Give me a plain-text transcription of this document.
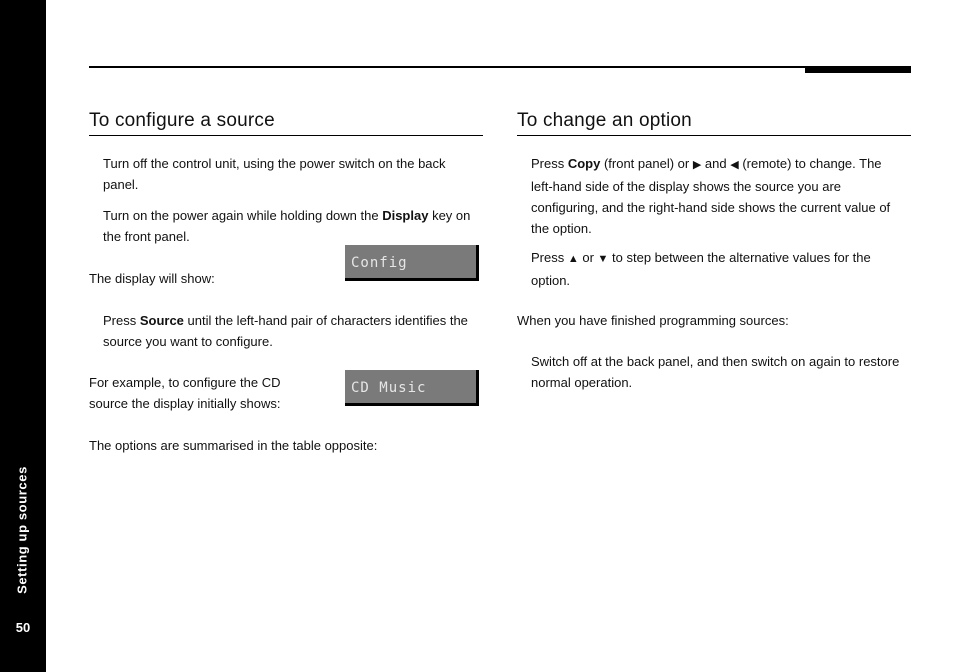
Setting up sources
50
To configure a source

Turn off the control unit, using the power switch on the back panel.

Turn on the power again while holding down the Display key on the front panel.

The display will show:

Config

Press Source until the left-hand pair of characters identifies the source you want to configure.

For example, to configure the CD source the display initially shows:

CD Music

The options are summarised in the table opposite:

To change an option

Press Copy (front panel) or ▶ and ◀ (remote) to change. The left-hand side of the display shows the source you are configuring, and the right-hand side shows the current value of the option.

Press ▲ or ▼ to step between the alternative values for the option.

When you have finished programming sources:

Switch off at the back panel, and then switch on again to restore normal operation.
